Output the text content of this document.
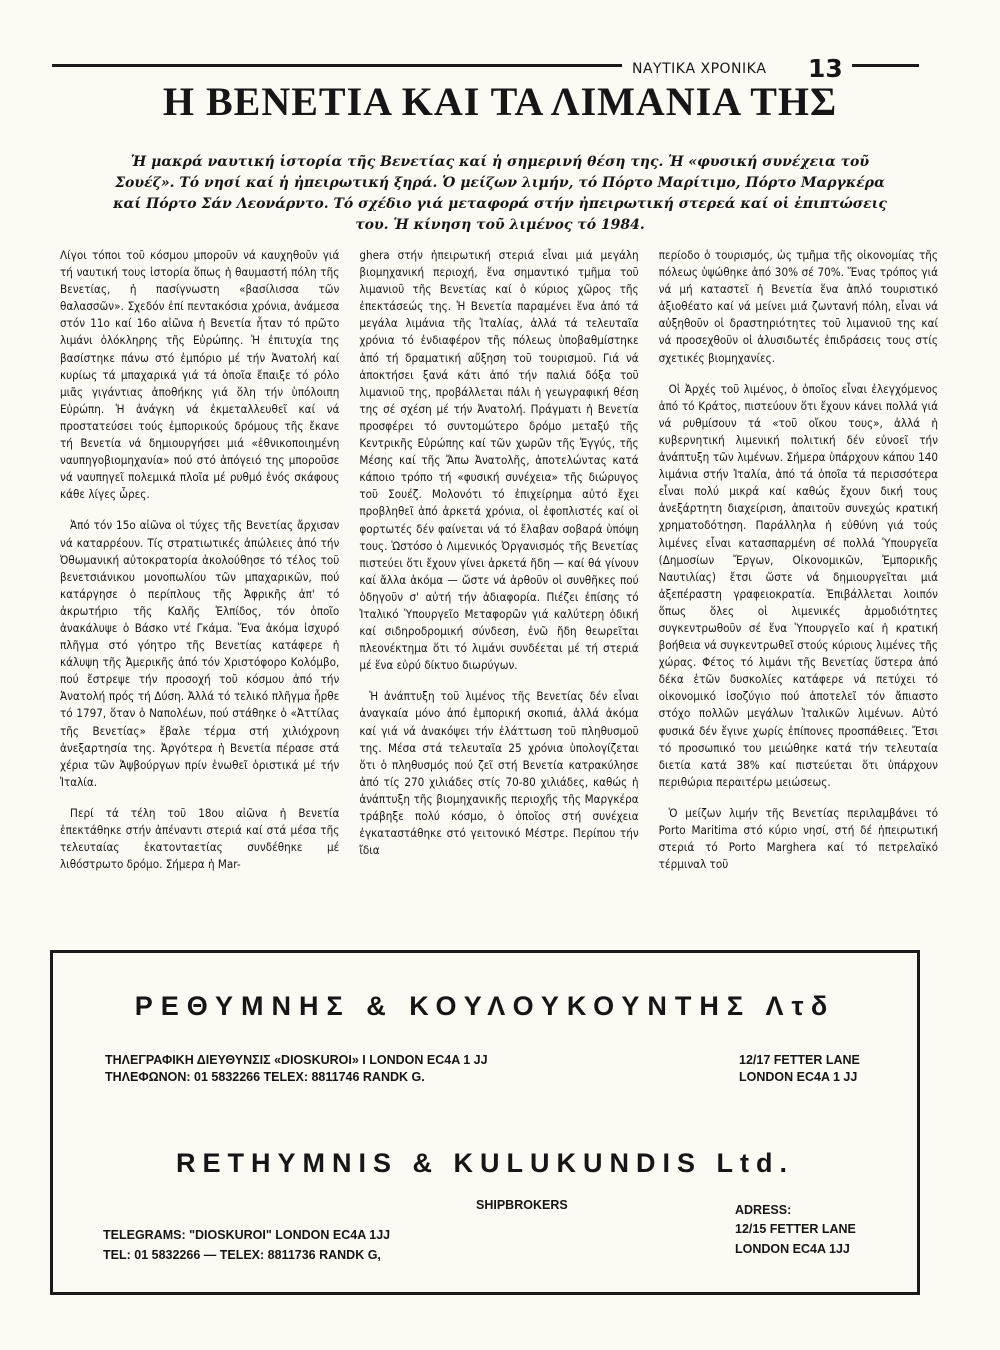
ΝΑΥΤΙΚΑ ΧΡΟΝΙΚΑ	13
Η ΒΕΝΕΤΙΑ ΚΑΙ ΤΑ ΛΙΜΑΝΙΑ ΤΗΣ
Ἡ μακρά ναυτική ἱστορία τῆς Βενετίας καί ἡ σημερινή θέση της. Ἡ «φυσική συνέχεια τοῦ Σουέζ». Τό νησί καί ἡ ἠπειρωτική ξηρά. Ὁ μείζων λιμήν, τό Πόρτο Μαρίτιμο, Πόρτο Μαργκέρα καί Πόρτο Σάν Λεονάρντο. Τό σχέδιο γιά μεταφορά στήν ἠπειρωτική στερεά καί οἱ ἐπιπτώσεις του. Ἡ κίνηση τοῦ λιμένος τό 1984.

Λίγοι τόποι τοῦ κόσμου μποροῦν νά καυχηθοῦν γιά τή ναυτική τους ἱστορία ὅπως ἡ θαυμαστή πόλη τῆς Βενετίας, ἡ πασίγνωστη «βασίλισσα τῶν θαλασσῶν». Σχεδόν ἐπί πεντακόσια χρόνια, ἀνάμεσα στόν 11ο καί 16ο αἰῶνα ἡ Βενετία ἦταν τό πρῶτο λιμάνι ὁλόκληρης τῆς Εὐρώπης. Ἡ ἐπιτυχία της βασίστηκε πάνω στό ἐμπόριο μέ τήν Ἀνατολή καί κυρίως τά μπαχαρικά γιά τά ὁποῖα ἔπαιξε τό ρόλο μιᾶς γιγάντιας ἀποθήκης γιά ὅλη τήν ὑπόλοιπη Εὐρώπη. Ἡ ἀνάγκη νά ἐκμεταλλευθεῖ καί νά προστατεύσει τούς ἐμπορικούς δρόμους τῆς ἔκανε τή Βενετία νά δημιουργήσει μιά «ἐθνικοποιημένη ναυπηγοβιομηχανία» πού στό ἀπόγειό της μποροῦσε νά ναυπηγεῖ πολεμικά πλοῖα μέ ρυθμό ἑνός σκάφους κάθε λίγες ὧρες.

Ἀπό τόν 15ο αἰῶνα οἱ τύχες τῆς Βενετίας ἄρχισαν νά καταρρέουν. Τίς στρατιωτικές ἀπώλειες ἀπό τήν Ὀθωμανική αὐτοκρατορία ἀκολούθησε τό τέλος τοῦ βενετσιάνικου μονοπωλίου τῶν μπαχαρικῶν, πού κατάργησε ὁ περίπλους τῆς Ἀφρικῆς ἀπ' τό ἀκρωτήριο τῆς Καλῆς Ἐλπίδος, τόν ὁποῖο ἀνακάλυψε ὁ Βάσκο ντέ Γκάμα. Ἕνα ἀκόμα ἰσχυρό πλῆγμα στό γόητρο τῆς Βενετίας κατάφερε ἡ κάλυψη τῆς Ἀμερικῆς ἀπό τόν Χριστόφορο Κολόμβο, πού ἔστρεψε τήν προσοχή τοῦ κόσμου ἀπό τήν Ἀνατολή πρός τή Δύση. Ἀλλά τό τελικό πλῆγμα ἦρθε τό 1797, ὅταν ὁ Ναπολέων, πού στάθηκε ὁ «Ἀττίλας τῆς Βενετίας» ἔβαλε τέρμα στή χιλιόχρονη ἀνεξαρτησία της. Ἀργότερα ἡ Βενετία πέρασε στά χέρια τῶν Ἀψβούργων πρίν ἑνωθεῖ ὁριστικά μέ τήν Ἰταλία.

Περί τά τέλη τοῦ 18ου αἰῶνα ἡ Βενετία ἐπεκτάθηκε στήν ἀπέναντι στεριά καί στά μέσα τῆς τελευταίας ἑκατονταετίας συνδέθηκε μέ λιθόστρωτο δρόμο. Σήμερα ἡ Mar-

ghera στήν ἠπειρωτική στεριά εἶναι μιά μεγάλη βιομηχανική περιοχή, ἕνα σημαντικό τμῆμα τοῦ λιμανιοῦ τῆς Βενετίας καί ὁ κύριος χῶρος τῆς ἐπεκτάσεώς της. Ἡ Βενετία παραμένει ἕνα ἀπό τά μεγάλα λιμάνια τῆς Ἰταλίας, ἀλλά τά τελευταῖα χρόνια τό ἐνδιαφέρον τῆς πόλεως ὑποβαθμίστηκε ἀπό τή δραματική αὔξηση τοῦ τουρισμοῦ. Γιά νά ἀποκτήσει ξανά κάτι ἀπό τήν παλιά δόξα τοῦ λιμανιοῦ της, προβάλλεται πάλι ἡ γεωγραφική θέση της σέ σχέση μέ τήν Ἀνατολή. Πράγματι ἡ Βενετία προσφέρει τό συντομώτερο δρόμο μεταξύ τῆς Κεντρικῆς Εὐρώπης καί τῶν χωρῶν τῆς Ἐγγύς, τῆς Μέσης καί τῆς Ἄπω Ἀνατολῆς, ἀποτελώντας κατά κάποιο τρόπο τή «φυσική συνέχεια» τῆς διώρυγος τοῦ Σουέζ. Μολονότι τό ἐπιχείρημα αὐτό ἔχει προβληθεῖ ἀπό ἀρκετά χρόνια, οἱ ἐφοπλιστές καί οἱ φορτωτές δέν φαίνεται νά τό ἔλαβαν σοβαρά ὑπόψη τους. Ὡστόσο ὁ Λιμενικός Ὀργανισμός τῆς Βενετίας πιστεύει ὅτι ἔχουν γίνει ἀρκετά ἤδη — καί θά γίνουν καί ἄλλα ἀκόμα — ὥστε νά ἀρθοῦν οἱ συνθῆκες πού ὁδηγοῦν σ' αὐτή τήν ἀδιαφορία. Πιέζει ἐπίσης τό Ἰταλικό Ὑπουργεῖο Μεταφορῶν γιά καλύτερη ὁδική καί σιδηροδρομική σύνδεση, ἐνῶ ἤδη θεωρεῖται πλεονέκτημα ὅτι τό λιμάνι συνδέεται μέ τή στεριά μέ ἕνα εὐρύ δίκτυο διωρύγων.

Ἡ ἀνάπτυξη τοῦ λιμένος τῆς Βενετίας δέν εἶναι ἀναγκαία μόνο ἀπό ἐμπορική σκοπιά, ἀλλά ἀκόμα καί γιά νά ἀνακόψει τήν ἐλάττωση τοῦ πληθυσμοῦ της. Μέσα στά τελευταῖα 25 χρόνια ὑπολογίζεται ὅτι ὁ πληθυσμός πού ζεῖ στή Βενετία κατρακύλησε ἀπό τίς 270 χιλιάδες στίς 70-80 χιλιάδες, καθώς ἡ ἀνάπτυξη τῆς βιομηχανικῆς περιοχῆς τῆς Μαργκέρα τράβηξε πολύ κόσμο, ὁ ὁποῖος στή συνέχεια ἐγκαταστάθηκε στό γειτονικό Μέστρε. Περίπου τήν ἴδια

περίοδο ὁ τουρισμός, ὡς τμῆμα τῆς οἰκονομίας τῆς πόλεως ὑψώθηκε ἀπό 30% σέ 70%. Ἕνας τρόπος γιά νά μή καταστεῖ ἡ Βενετία ἕνα ἁπλό τουριστικό ἀξιοθέατο καί νά μείνει μιά ζωντανή πόλη, εἶναι νά αὐξηθοῦν οἱ δραστηριότητες τοῦ λιμανιοῦ της καί νά προσεχθοῦν οἱ ἀλυσιδωτές ἐπιδράσεις τους στίς σχετικές βιομηχανίες.

Οἱ Ἀρχές τοῦ λιμένος, ὁ ὁποῖος εἶναι ἐλεγχόμενος ἀπό τό Κράτος, πιστεύουν ὅτι ἔχουν κάνει πολλά γιά νά ρυθμίσουν τά «τοῦ οἴκου τους», ἀλλά ἡ κυβερνητική λιμενική πολιτική δέν εὐνοεῖ τήν ἀνάπτυξη τῶν λιμένων. Σήμερα ὑπάρχουν κάπου 140 λιμάνια στήν Ἰταλία, ἀπό τά ὁποῖα τά περισσότερα εἶναι πολύ μικρά καί καθώς ἔχουν δική τους ἀνεξάρτητη διαχείριση, ἀπαιτοῦν συνεχώς κρατική χρηματοδότηση. Παράλληλα ἡ εὐθύνη γιά τούς λιμένες εἶναι κατασπαρμένη σέ πολλά Ὑπουργεῖα (Δημοσίων Ἔργων, Οἰκονομικῶν, Ἐμπορικῆς Ναυτιλίας) ἔτσι ὥστε νά δημιουργεῖται μιά ἀξεπέραστη γραφειοκρατία. Ἐπιβάλλεται λοιπόν ὅπως ὅλες οἱ λιμενικές ἁρμοδιότητες συγκεντρωθοῦν σέ ἕνα Ὑπουργεῖο καί ἡ κρατική βοήθεια νά συγκεντρωθεῖ στούς κύριους λιμένες τῆς χώρας. Φέτος τό λιμάνι τῆς Βενετίας ὕστερα ἀπό δέκα ἐτῶν δυσκολίες κατάφερε νά πετύχει τό οἰκονομικό ἰσοζύγιο πού ἀποτελεῖ τόν ἄπιαστο στόχο πολλῶν μεγάλων Ἰταλικῶν λιμένων. Αὐτό φυσικά δέν ἔγινε χωρίς ἐπίπονες προσπάθειες. Ἔτσι τό προσωπικό του μειώθηκε κατά τήν τελευταία διετία κατά 38% καί πιστεύεται ὅτι ὑπάρχουν περιθώρια περαιτέρω μειώσεως.

Ὁ μείζων λιμήν τῆς Βενετίας περιλαμβάνει τό Porto Maritima στό κύριο νησί, στή δέ ἠπειρωτική στεριά τό Porto Marghera καί τό πετρελαϊκό τέρμιναλ τοῦ

ΡΕΘΥΜΝΗΣ & ΚΟΥΛΟΥΚΟΥΝΤΗΣ Λτδ
ΤΗΛΕΓΡΑΦΙΚΗ ΔΙΕΥΘΥΝΣΙΣ «DIOSKUROI» I LONDON EC4A 1 JJ
ΤΗΛΕΦΩΝΟΝ: 01 5832266 TELEX: 8811746 RANDK G.
12/17 FETTER LANE
LONDON EC4A 1 JJ
RETHYMNIS & KULUKUNDIS Ltd.
SHIPBROKERS	ADRESS:
12/15 FETTER LANE
LONDON EC4A 1JJ
TELEGRAMS: "DIOSKUROI" LONDON EC4A 1JJ
TEL: 01 5832266 — TELEX: 8811736 RANDK G,
